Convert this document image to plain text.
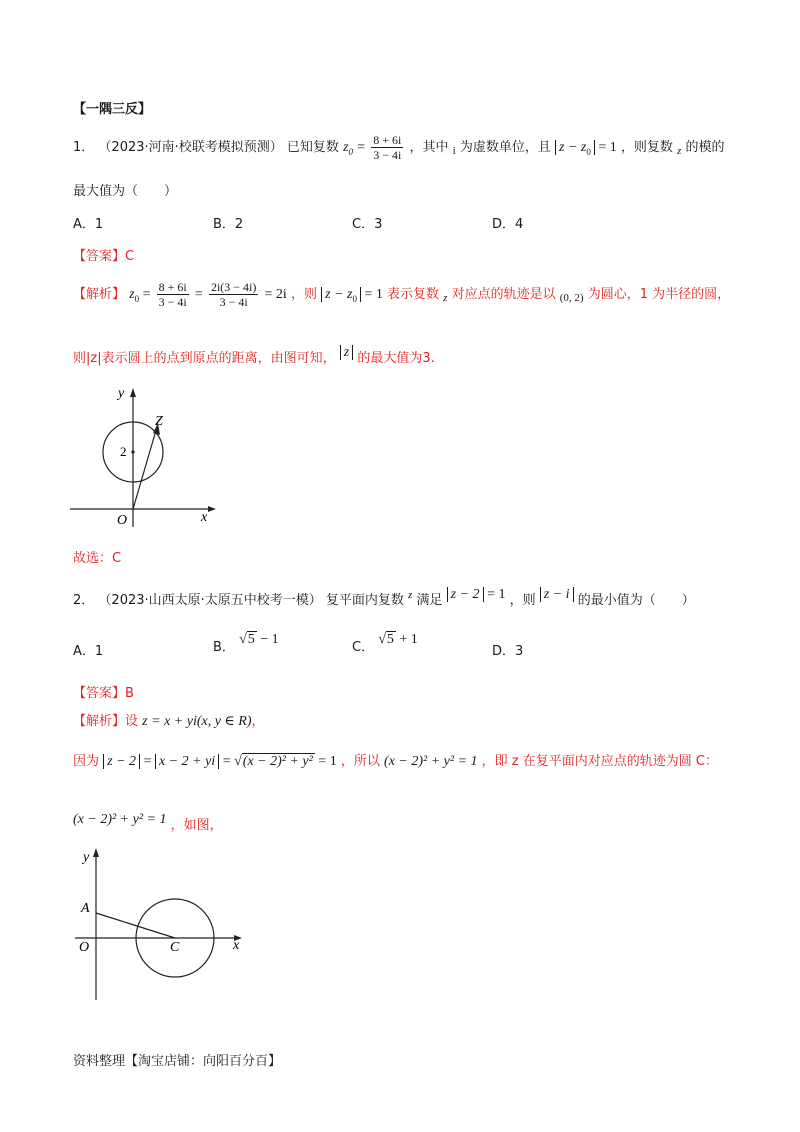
【一隅三反】
1． （2023·河南·校联考模拟预测） 已知复数 $z_0 = \frac{8 + 6i}{3 - 4i}$ ，其中 $_i$ 为虚数单位，且 $z - z_0 = 1$ ，则复数 $_z$ 的模的
最大值为（　　）
A．1	B．2	C．3	D．4
【答案】C
【解析】 $z_0 = \frac{8 + 6i}{3 - 4i} = \frac{2i(3 - 4i)}{3 - 4i} = 2i$ ，则 $z - z_0 = 1$ 表示复数 $_z$ 对应点的轨迹是以 $_{(0, 2)}$ 为圆心，1 为半径的圆，
则|z|表示圆上的点到原点的距离，由图可知， z 的最大值为3.
y
x
O
Z
2
故选：C
2． （2023·山西太原·太原五中校考一模） 复平面内复数 $^z$ 满足 z − 2 = 1 ，则 z − i 的最小值为（　　）
A．1	B． √5 − 1
C． √5 + 1
D．3
【答案】B
【解析】设 z = x + yi(x, y ∈ R)，
因为 z − 2 = x − 2 + yi = √(x − 2)² + y² = 1 ，所以 (x − 2)² + y² = 1 ，即 z 在复平面内对应点的轨迹为圆 C：
(x − 2)² + y² = 1 ，如图，
y
x
O
A
C
资料整理【淘宝店铺：向阳百分百】
